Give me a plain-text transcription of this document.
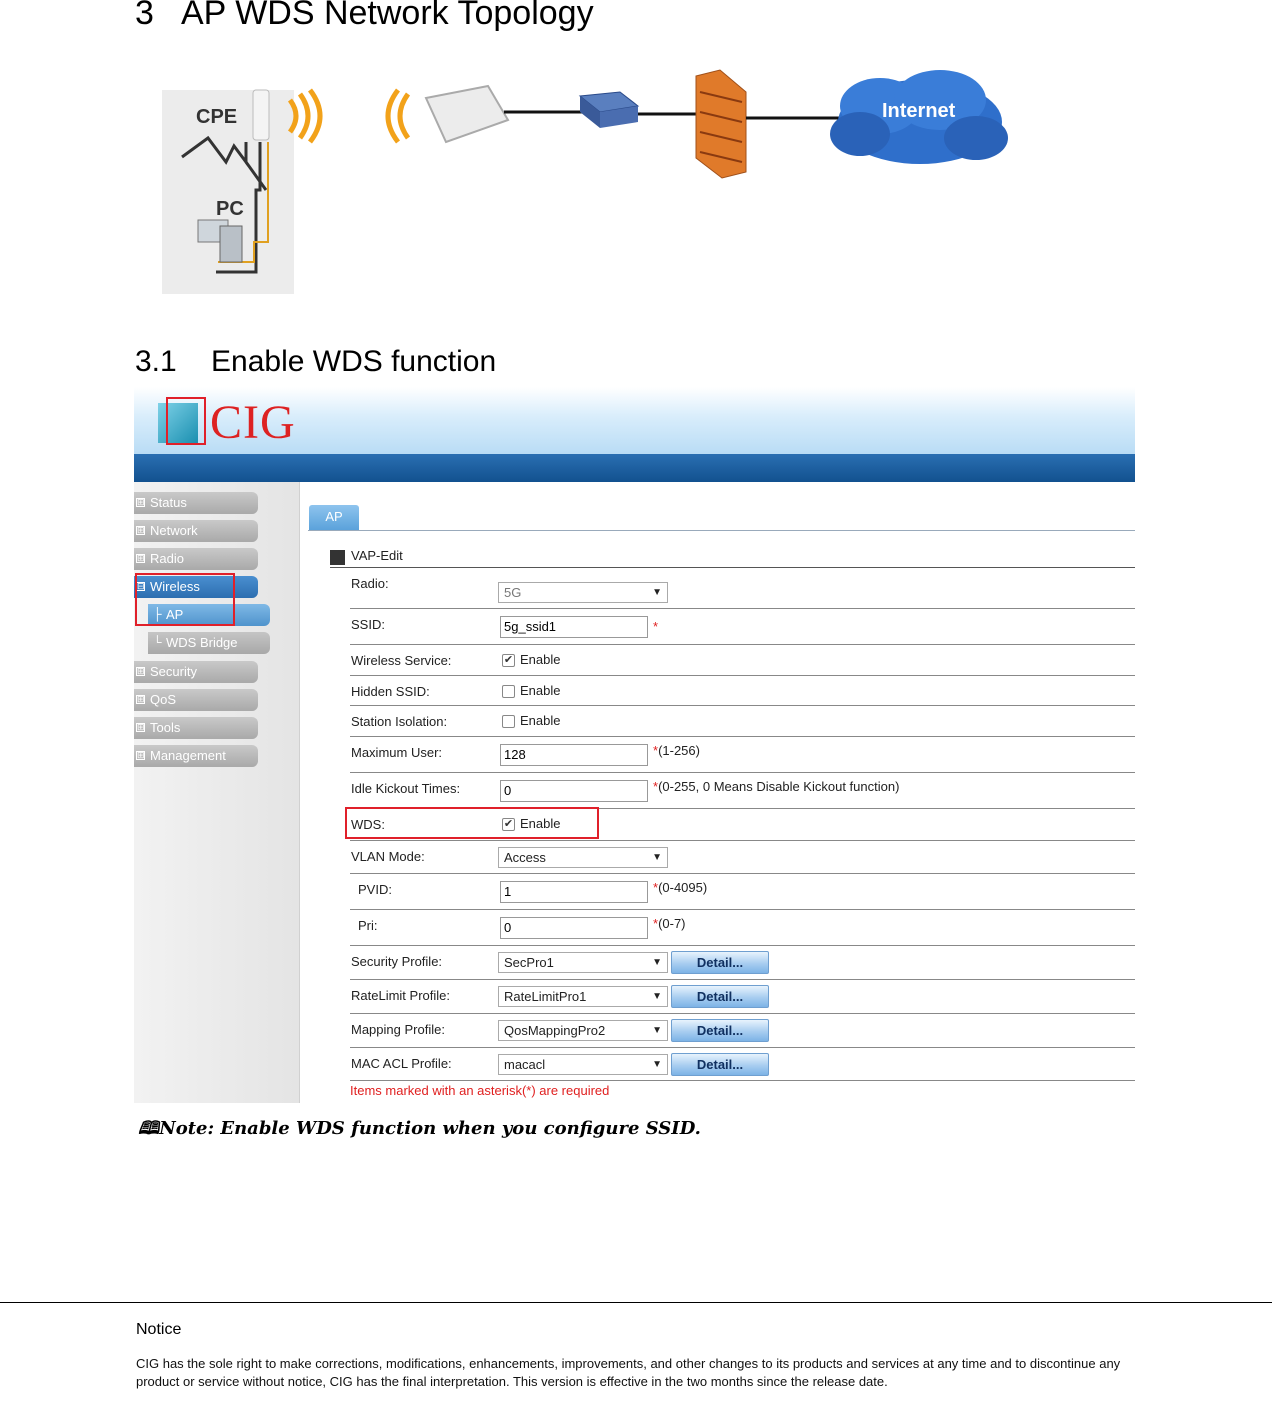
3 AP WDS Network Topology
CPE
PC
Internet
3.1 Enable WDS function
CIG
⊞ Status
⊞ Network
⊞ Radio
⊟ Wireless
├ AP
└ WDS Bridge
⊞ Security
⊞ QoS
⊞ Tools
⊞ Management
AP
VAP-Edit
Radio:
5G	▼
SSID:	5g_ssid1	*
Wireless Service:	✔ Enable
Hidden SSID:	Enable
Station Isolation:	Enable
Maximum User:	128	*(1-256)
Idle Kickout Times:	0	*(0-255, 0 Means Disable Kickout function)
WDS:	✔ Enable
VLAN Mode:	Access	▼
PVID:	1	*(0-4095)
Pri:	0	*(0-7)
Security Profile:	SecPro1	▼	Detail...
RateLimit Profile:	RateLimitPro1	▼	Detail...
Mapping Profile:	QosMappingPro2	▼	Detail...
MAC ACL Profile:	macacl	▼	Detail...
Items marked with an asterisk(*) are required
🕮Note: Enable WDS function when you configure SSID.
Notice
CIG has the sole right to make corrections, modifications, enhancements, improvements, and other changes to its products and services at any time and to discontinue any product or service without notice, CIG has the final interpretation. This version is effective in the two months since the release date.
